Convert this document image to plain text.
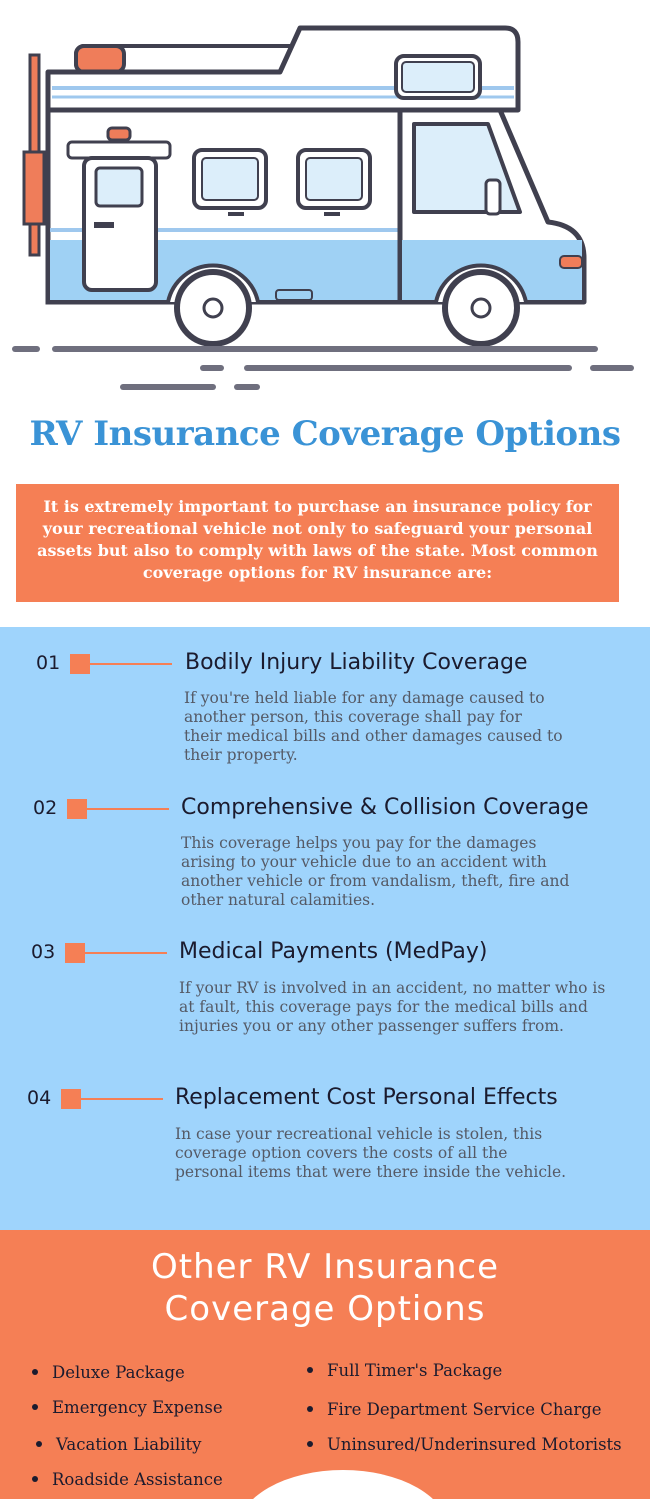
RV Insurance Coverage Options
It is extremely important to purchase an insurance policy for your recreational vehicle not only to safeguard your personal assets but also to comply with laws of the state. Most common coverage options for RV insurance are:
01	Bodily Injury Liability Coverage
If you're held liable for any damage caused to another person, this coverage shall pay for their medical bills and other damages caused to their property.
02	Comprehensive & Collision Coverage
This coverage helps you pay for the damages arising to your vehicle due to an accident with another vehicle or from vandalism, theft, fire and other natural calamities.
03	Medical Payments (MedPay)
If your RV is involved in an accident, no matter who is at fault, this coverage pays for the medical bills and injuries you or any other passenger suffers from.
04	Replacement Cost Personal Effects
In case your recreational vehicle is stolen, this coverage option covers the costs of all the personal items that were there inside the vehicle.
Other RV Insurance
Coverage Options
Deluxe Package
Emergency Expense
Vacation Liability
Roadside Assistance
Full Timer's Package
Fire Department Service Charge
Uninsured/Underinsured Motorists
